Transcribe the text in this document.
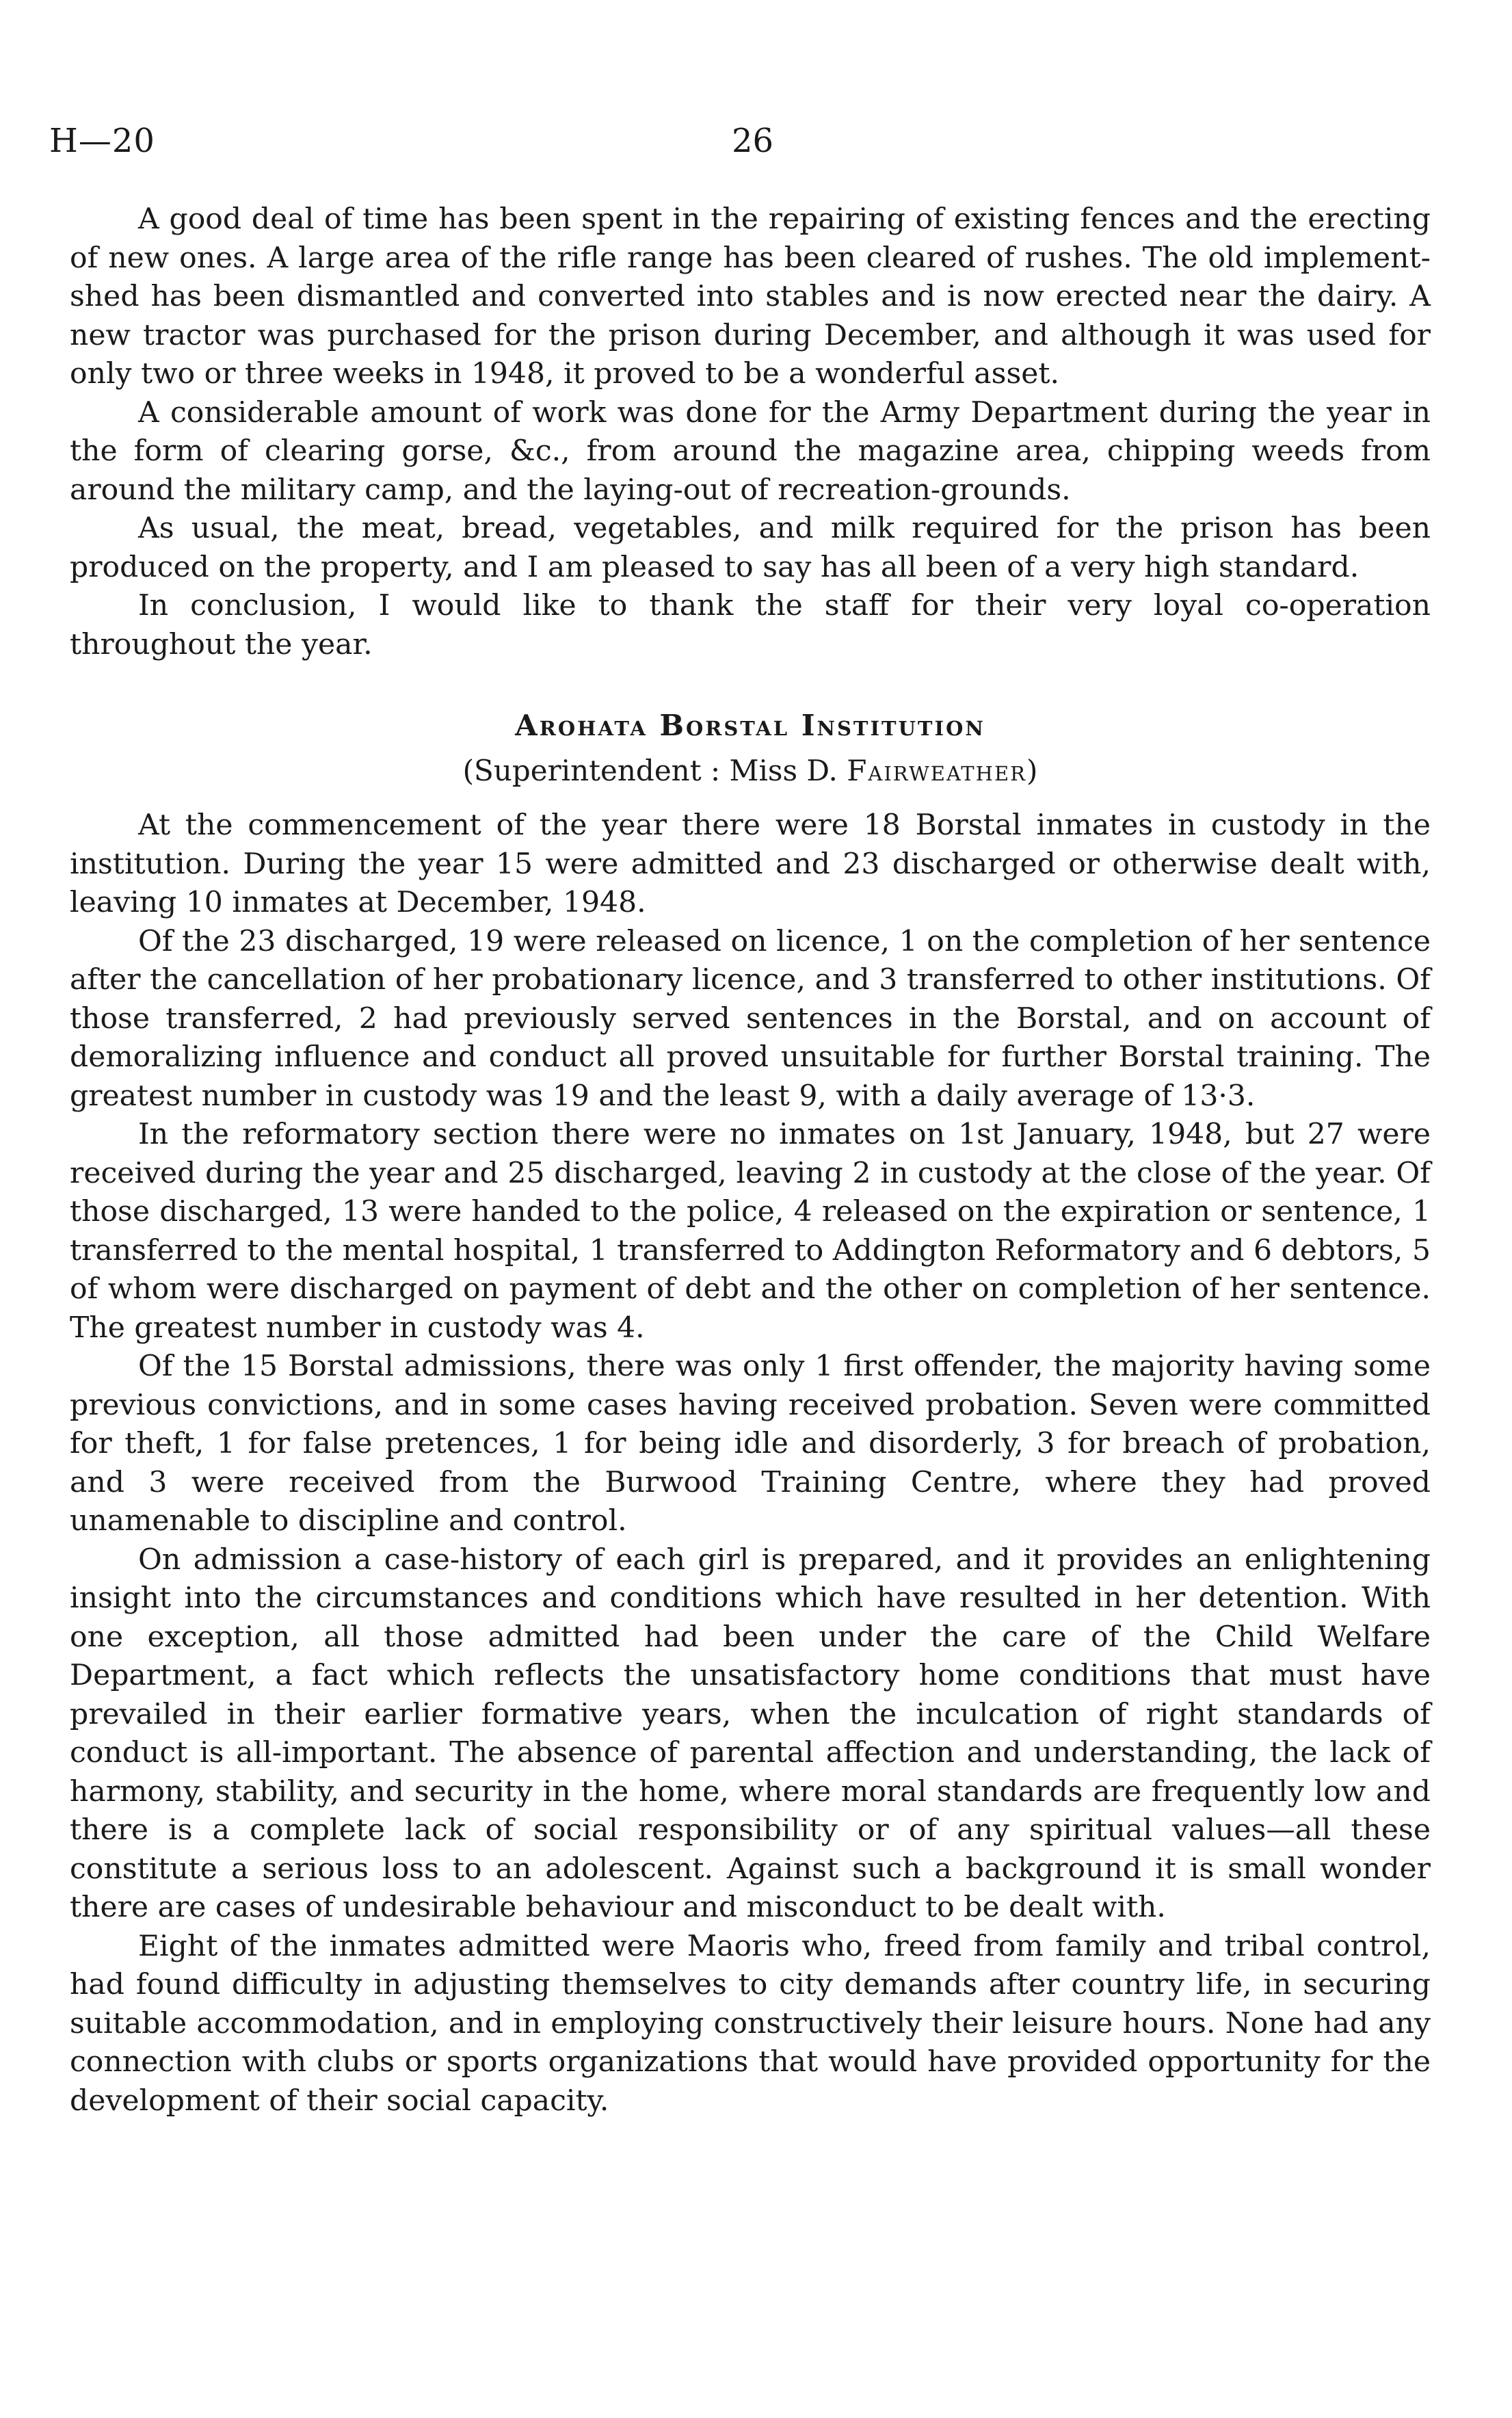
H—20	26

A good deal of time has been spent in the repairing of existing fences and the erecting of new ones. A large area of the rifle range has been cleared of rushes. The old implement-shed has been dismantled and converted into stables and is now erected near the dairy. A new tractor was purchased for the prison during December, and although it was used for only two or three weeks in 1948, it proved to be a wonderful asset.

A considerable amount of work was done for the Army Department during the year in the form of clearing gorse, &c., from around the magazine area, chipping weeds from around the military camp, and the laying-out of recreation-grounds.

As usual, the meat, bread, vegetables, and milk required for the prison has been produced on the property, and I am pleased to say has all been of a very high standard.

In conclusion, I would like to thank the staff for their very loyal co-operation throughout the year.

Arohata Borstal Institution
(Superintendent : Miss D. Fairweather)

At the commencement of the year there were 18 Borstal inmates in custody in the institution. During the year 15 were admitted and 23 discharged or otherwise dealt with, leaving 10 inmates at December, 1948.

Of the 23 discharged, 19 were released on licence, 1 on the completion of her sentence after the cancellation of her probationary licence, and 3 transferred to other institutions. Of those transferred, 2 had previously served sentences in the Borstal, and on account of demoralizing influence and conduct all proved unsuitable for further Borstal training. The greatest number in custody was 19 and the least 9, with a daily average of 13·3.

In the reformatory section there were no inmates on 1st January, 1948, but 27 were received during the year and 25 discharged, leaving 2 in custody at the close of the year. Of those discharged, 13 were handed to the police, 4 released on the expiration or sentence, 1 transferred to the mental hospital, 1 transferred to Addington Reformatory and 6 debtors, 5 of whom were discharged on payment of debt and the other on completion of her sentence. The greatest number in custody was 4.

Of the 15 Borstal admissions, there was only 1 first offender, the majority having some previous convictions, and in some cases having received probation. Seven were committed for theft, 1 for false pretences, 1 for being idle and disorderly, 3 for breach of probation, and 3 were received from the Burwood Training Centre, where they had proved unamenable to discipline and control.

On admission a case-history of each girl is prepared, and it provides an enlightening insight into the circumstances and conditions which have resulted in her detention. With one exception, all those admitted had been under the care of the Child Welfare Department, a fact which reflects the unsatisfactory home conditions that must have prevailed in their earlier formative years, when the inculcation of right standards of conduct is all-important. The absence of parental affection and understanding, the lack of harmony, stability, and security in the home, where moral standards are frequently low and there is a complete lack of social responsibility or of any spiritual values—all these constitute a serious loss to an adolescent. Against such a background it is small wonder there are cases of undesirable behaviour and misconduct to be dealt with.

Eight of the inmates admitted were Maoris who, freed from family and tribal control, had found difficulty in adjusting themselves to city demands after country life, in securing suitable accommodation, and in employing constructively their leisure hours. None had any connection with clubs or sports organizations that would have provided opportunity for the development of their social capacity.
